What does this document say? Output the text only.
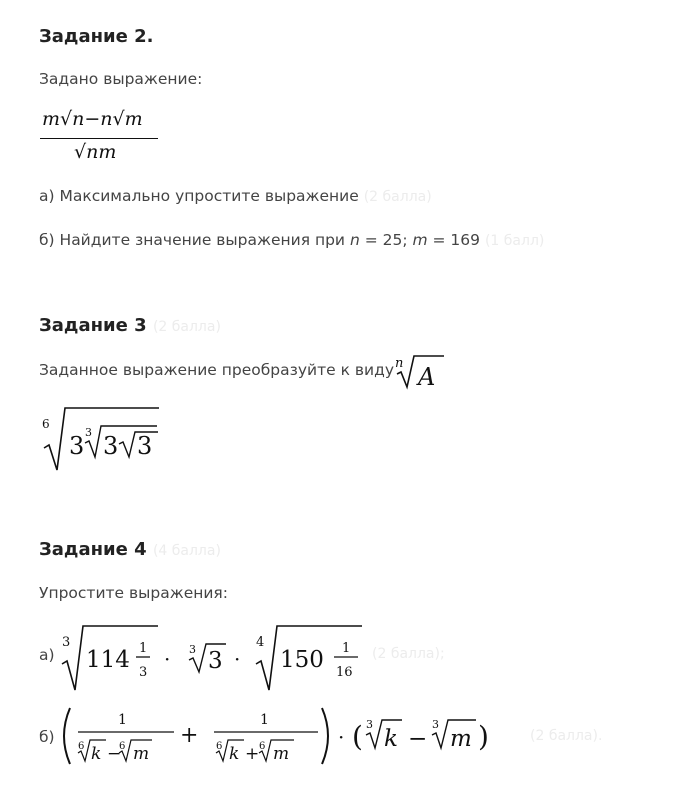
Задание 2.
Задано выражение:
m√n−n√m
√nm
а) Максимально упростите выражение (2 балла)
б) Найдите значение выражения при n = 25; m = 169 (1 балл)
Задание 3 (2 балла)
Заданное выражение преобразуйте к виду n A
6
3 3 3 3
Задание 4 (4 балла)
Упростите выражения:
а)
3
114 1
3
· 3 3 ·
4
150 1
16
(2 балла);
б)
1
6 k −
6 m
+
1
6 k + 6 m
· ( 3
k −
3
m )	(2 балла).
